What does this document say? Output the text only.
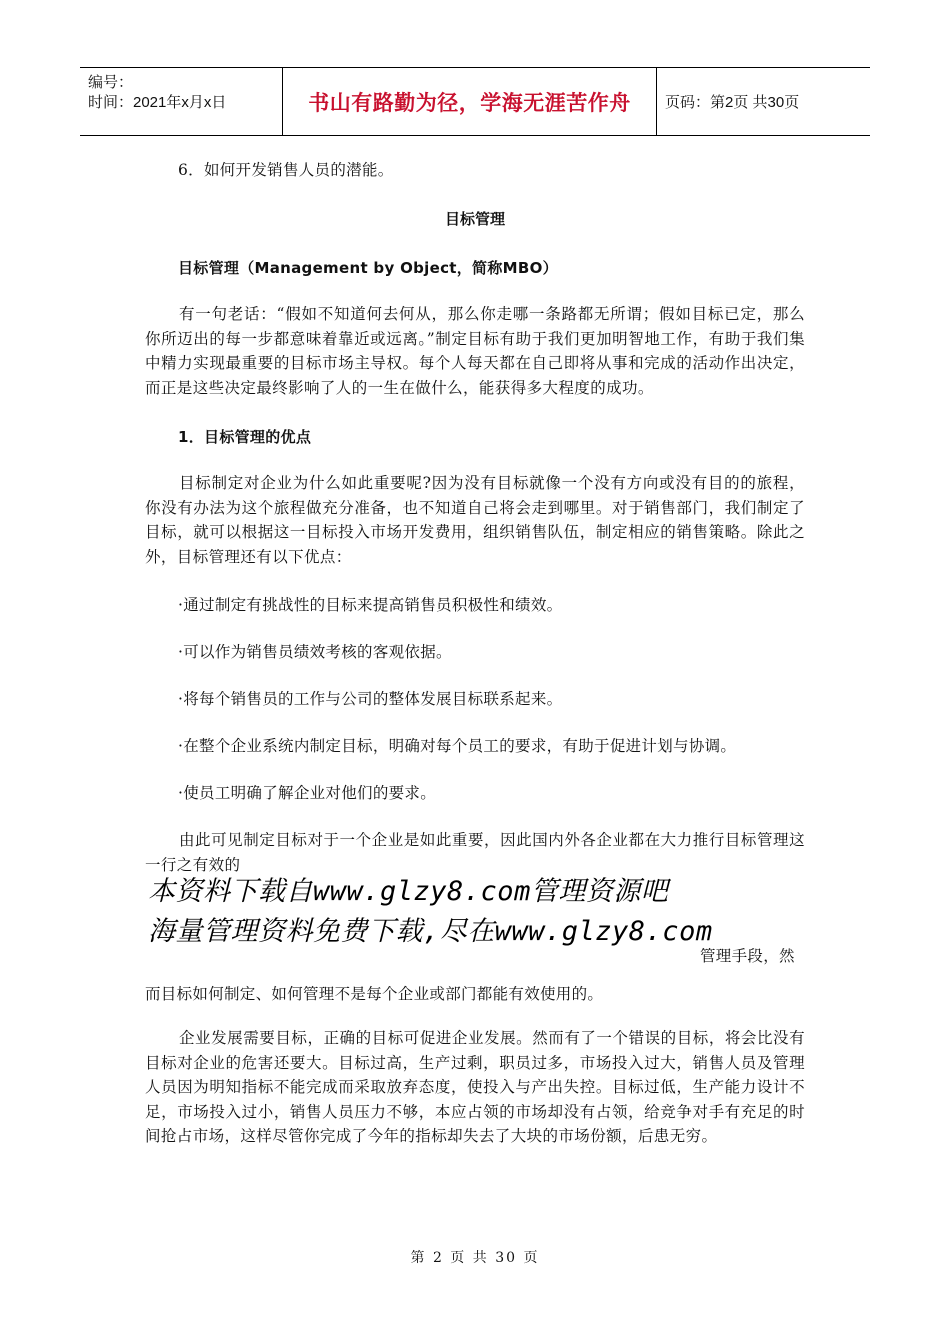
编号：
时间：2021年x月x日	书山有路勤为径，学海无涯苦作舟 页码：第2页 共30页
6．如何开发销售人员的潜能。
目标管理
目标管理（Management by Object，简称MBO）
有一句老话：“假如不知道何去何从，那么你走哪一条路都无所谓；假如目标已定，那么你所迈出的每一步都意味着靠近或远离。”制定目标有助于我们更加明智地工作，有助于我们集中精力实现最重要的目标市场主导权。每个人每天都在自己即将从事和完成的活动作出决定，而正是这些决定最终影响了人的一生在做什么，能获得多大程度的成功。
1．目标管理的优点
目标制定对企业为什么如此重要呢?因为没有目标就像一个没有方向或没有目的的旅程，你没有办法为这个旅程做充分准备，也不知道自己将会走到哪里。对于销售部门，我们制定了目标，就可以根据这一目标投入市场开发费用，组织销售队伍，制定相应的销售策略。除此之外，目标管理还有以下优点：
·通过制定有挑战性的目标来提高销售员积极性和绩效。
·可以作为销售员绩效考核的客观依据。
·将每个销售员的工作与公司的整体发展目标联系起来。
·在整个企业系统内制定目标，明确对每个员工的要求，有助于促进计划与协调。
·使员工明确了解企业对他们的要求。
由此可见制定目标对于一个企业是如此重要，因此国内外各企业都在大力推行目标管理这一行之有效的
本资料下载自www.glzy8.com管理资源吧
海量管理资料免费下载,尽在www.glzy8.com
管理手段，然
而目标如何制定、如何管理不是每个企业或部门都能有效使用的。
企业发展需要目标，正确的目标可促进企业发展。然而有了一个错误的目标，将会比没有目标对企业的危害还要大。目标过高，生产过剩，职员过多，市场投入过大，销售人员及管理人员因为明知指标不能完成而采取放弃态度，使投入与产出失控。目标过低，生产能力设计不足，市场投入过小，销售人员压力不够，本应占领的市场却没有占领，给竞争对手有充足的时间抢占市场，这样尽管你完成了今年的指标却失去了大块的市场份额，后患无穷。
第 2 页 共 30 页
